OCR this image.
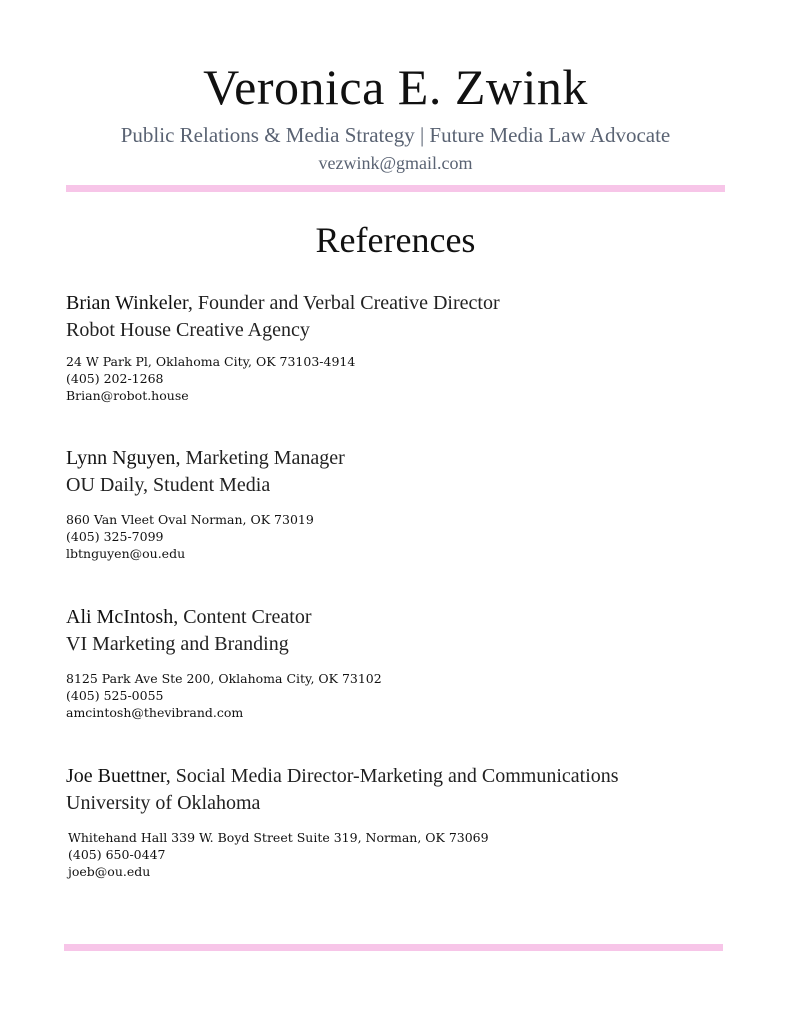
Veronica E. Zwink
Public Relations & Media Strategy | Future Media Law Advocate
vezwink@gmail.com
References
Brian Winkeler, Founder and Verbal Creative Director
Robot House Creative Agency
24 W Park Pl, Oklahoma City, OK 73103-4914
(405) 202-1268
Brian@robot.house
Lynn Nguyen, Marketing Manager
OU Daily, Student Media
860 Van Vleet Oval Norman, OK 73019
(405) 325-7099
lbtnguyen@ou.edu
Ali McIntosh, Content Creator
VI Marketing and Branding
8125 Park Ave Ste 200, Oklahoma City, OK 73102
(405) 525-0055
amcintosh@thevibrand.com
Joe Buettner, Social Media Director-Marketing and Communications
University of Oklahoma
Whitehand Hall 339 W. Boyd Street Suite 319, Norman, OK 73069
(405) 650-0447
joeb@ou.edu
